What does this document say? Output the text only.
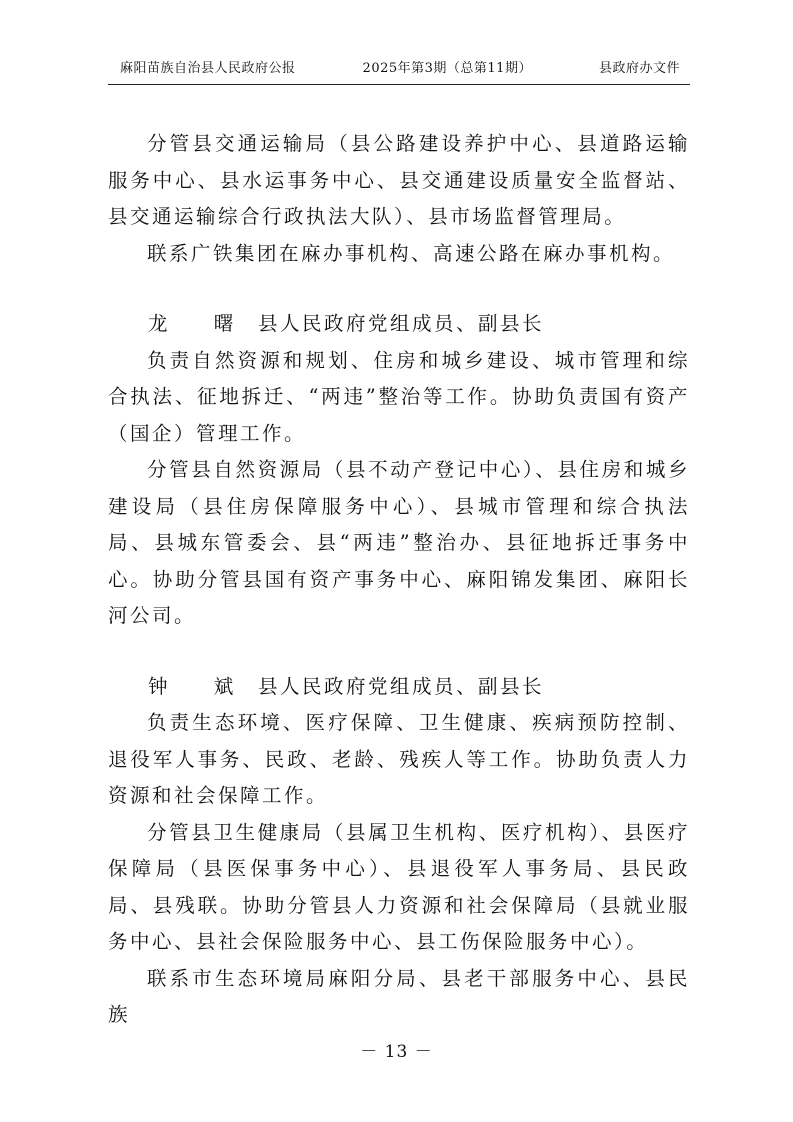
麻阳苗族自治县人民政府公报	2025年第3期（总第11期）	县政府办文件

分管县交通运输局（县公路建设养护中心、县道路运输服务中心、县水运事务中心、县交通建设质量安全监督站、县交通运输综合行政执法大队）、县市场监督管理局。

联系广铁集团在麻办事机构、高速公路在麻办事机构。

龙 曙 县人民政府党组成员、副县长

负责自然资源和规划、住房和城乡建设、城市管理和综合执法、征地拆迁、“两违”整治等工作。协助负责国有资产（国企）管理工作。

分管县自然资源局（县不动产登记中心）、县住房和城乡建设局（县住房保障服务中心）、县城市管理和综合执法局、县城东管委会、县“两违”整治办、县征地拆迁事务中心。协助分管县国有资产事务中心、麻阳锦发集团、麻阳长河公司。

钟 斌 县人民政府党组成员、副县长

负责生态环境、医疗保障、卫生健康、疾病预防控制、退役军人事务、民政、老龄、残疾人等工作。协助负责人力资源和社会保障工作。

分管县卫生健康局（县属卫生机构、医疗机构）、县医疗保障局（县医保事务中心）、县退役军人事务局、县民政局、县残联。协助分管县人力资源和社会保障局（县就业服务中心、县社会保险服务中心、县工伤保险服务中心）。

联系市生态环境局麻阳分局、县老干部服务中心、县民族

－ 13 －
